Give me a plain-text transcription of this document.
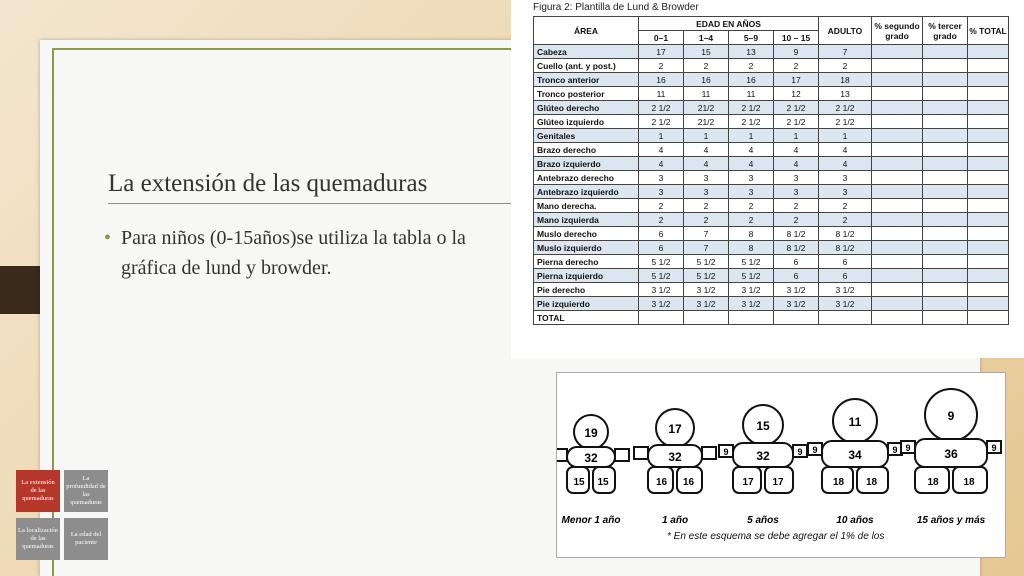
La extensión de las quemaduras
• Para niños (0-15años)se utiliza la tabla o la gráfica de lund y browder.
Figura 2: Plantilla de Lund & Browder
ÁREA	EDAD EN AÑOS				ADULTO	% segundo grado	% tercer grado	% TOTAL
	0–1	1–4	5–9	10 – 15				
Cabeza	17	15	13	9	7			
Cuello (ant. y post.)	2	2	2	2	2			
Tronco anterior	16	16	16	17	18			
Tronco posterior	11	11	11	12	13			
Glúteo derecho	2 1/2	21/2	2 1/2	2 1/2	2 1/2			
Glúteo izquierdo	2 1/2	21/2	2 1/2	2 1/2	2 1/2			
Genitales	1	1	1	1	1			
Brazo derecho	4	4	4	4	4			
Brazo izquierdo	4	4	4	4	4			
Antebrazo derecho	3	3	3	3	3			
Antebrazo izquierdo	3	3	3	3	3			
Mano derecha.	2	2	2	2	2			
Mano izquierda	2	2	2	2	2			
Muslo derecho	6	7	8	8 1/2	8 1/2			
Muslo izquierdo	6	7	8	8 1/2	8 1/2			
Pierna derecho	5 1/2	5 1/2	5 1/2	6	6			
Pierna izquierdo	5 1/2	5 1/2	5 1/2	6	6			
Pie derecho	3 1/2	3 1/2	3 1/2	3 1/2	3 1/2			
Pie izquierdo	3 1/2	3 1/2	3 1/2	3 1/2	3 1/2			
TOTAL								
19
32
15 15
Menor 1 año
17
32
16 16
1 año
15
32
9	9
17 17
5 años
11
34
9	9
18 18
10 años
9
36
9	9
18 18
15 años y más
* En este esquema se debe agregar el 1% de los
La extensión de las quemaduras
La profundidad de las quemaduras
La localización de las quemaduras
La edad del paciente
